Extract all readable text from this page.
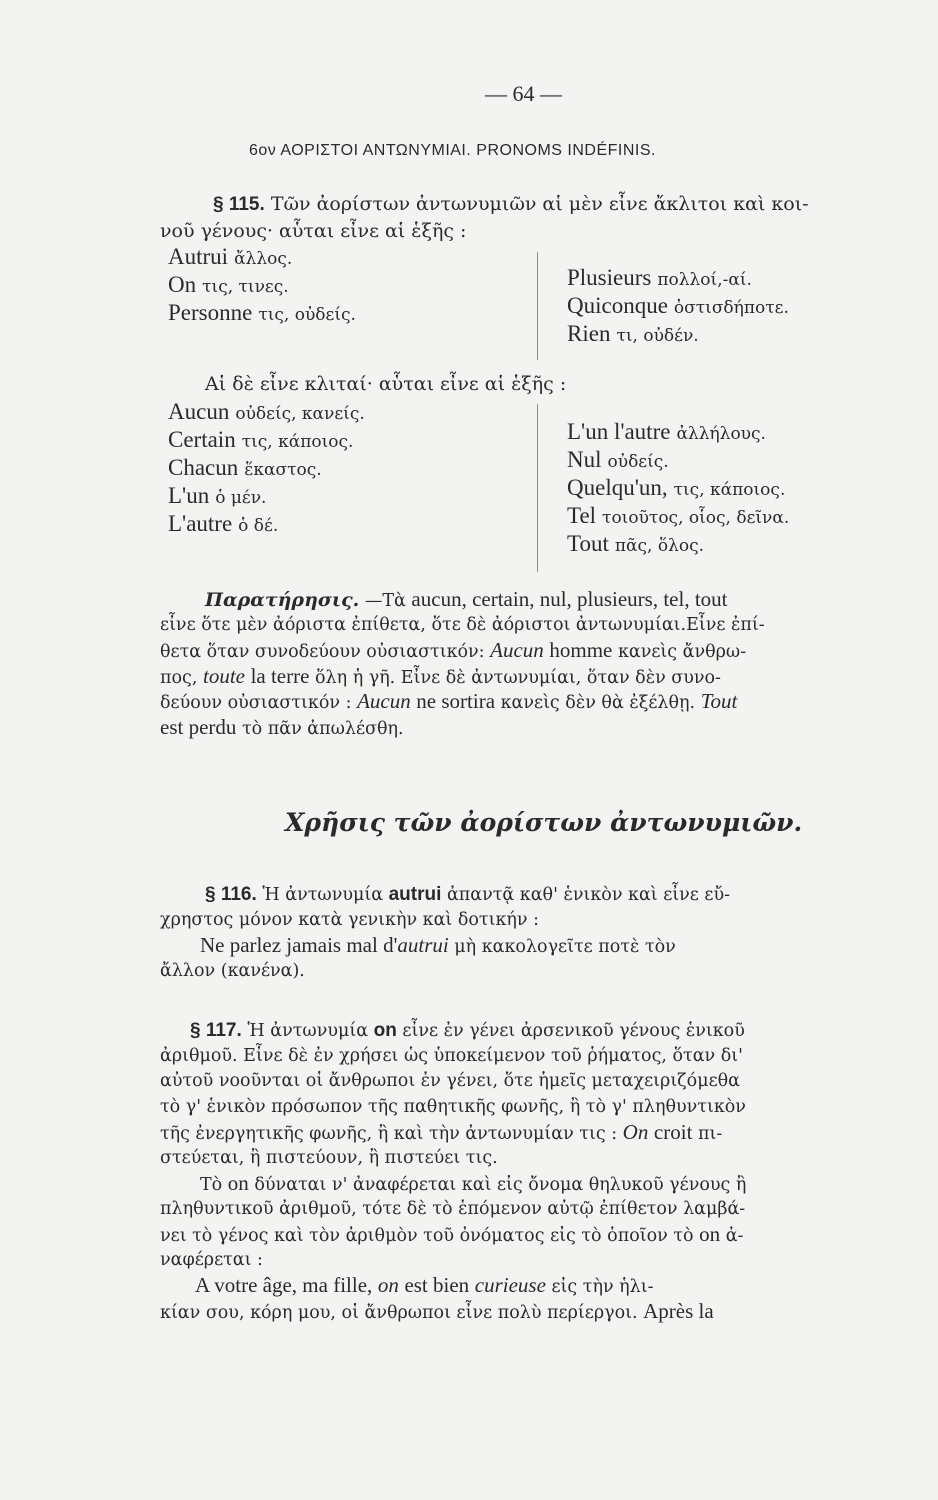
— 64 —
6ον ΑΟΡΙΣΤΟΙ ΑΝΤΩΝΥΜΙΑΙ. PRONOMS INDÉFINIS.
§ 115. Τῶν ἀορίστων ἀντωνυμιῶν αἱ μὲν εἶνε ἄκλιτοι καὶ κοι-
νοῦ γένους· αὗται εἶνε αἱ ἑξῆς :
Autrui ἄλλος.
On τις, τινες.
Personne τις, οὐδείς.
Plusieurs πολλοί,-αί.
Quiconque ὁστισδήποτε.
Rien τι, οὐδέν.
Αἱ δὲ εἶνε κλιταί· αὗται εἶνε αἱ ἑξῆς :
Aucun οὐδείς, κανείς.
Certain τις, κάποιος.
Chacun ἕκαστος.
L'un ὁ μέν.
L'autre ὁ δέ.
L'un l'autre ἀλλήλους.
Nul οὐδείς.
Quelqu'un, τις, κάποιος.
Tel τοιοῦτος, οἷος, δεῖνα.
Tout πᾶς, ὅλος.
Παρατήρησις. —Τὰ aucun, certain, nul, plusieurs, tel, tout
εἶνε ὅτε μὲν ἀόριστα ἐπίθετα, ὅτε δὲ ἀόριστοι ἀντωνυμίαι.Εἶνε ἐπί-
θετα ὅταν συνοδεύουν οὐσιαστικόν: Aucun homme κανεὶς ἄνθρω-
πος, toute la terre ὅλη ἡ γῆ. Εἶνε δὲ ἀντωνυμίαι, ὅταν δὲν συνο-
δεύουν οὐσιαστικόν : Aucun ne sortira κανεὶς δὲν θὰ ἐξέλθῃ. Tout
est perdu τὸ πᾶν ἀπωλέσθη.
Χρῆσις τῶν ἀορίστων ἀντωνυμιῶν.
§ 116. Ἡ ἀντωνυμία autrui ἀπαντᾷ καθ' ἑνικὸν καὶ εἶνε εὔ-
χρηστος μόνον κατὰ γενικὴν καὶ δοτικήν :
Ne parlez jamais mal d'autrui μὴ κακολογεῖτε ποτὲ τὸν
ἄλλον (κανένα).
§ 117. Ἡ ἀντωνυμία on εἶνε ἐν γένει ἀρσενικοῦ γένους ἑνικοῦ
ἀριθμοῦ. Εἶνε δὲ ἐν χρήσει ὡς ὑποκείμενον τοῦ ῥήματος, ὅταν δι'
αὐτοῦ νοοῦνται οἱ ἄνθρωποι ἐν γένει, ὅτε ἡμεῖς μεταχειριζόμεθα
τὸ γ' ἑνικὸν πρόσωπον τῆς παθητικῆς φωνῆς, ἢ τὸ γ' πληθυντικὸν
τῆς ἐνεργητικῆς φωνῆς, ἢ καὶ τὴν ἀντωνυμίαν τις : On croit πι-
στεύεται, ἢ πιστεύουν, ἢ πιστεύει τις.
Τὸ on δύναται ν' ἀναφέρεται καὶ εἰς ὄνομα θηλυκοῦ γένους ἢ
πληθυντικοῦ ἀριθμοῦ, τότε δὲ τὸ ἑπόμενον αὐτῷ ἐπίθετον λαμβά-
νει τὸ γένος καὶ τὸν ἀριθμὸν τοῦ ὀνόματος εἰς τὸ ὁποῖον τὸ on ἀ-
ναφέρεται :
A votre âge, ma fille, on est bien curieuse εἰς τὴν ἡλι-
κίαν σου, κόρη μου, οἱ ἄνθρωποι εἶνε πολὺ περίεργοι. Après la
